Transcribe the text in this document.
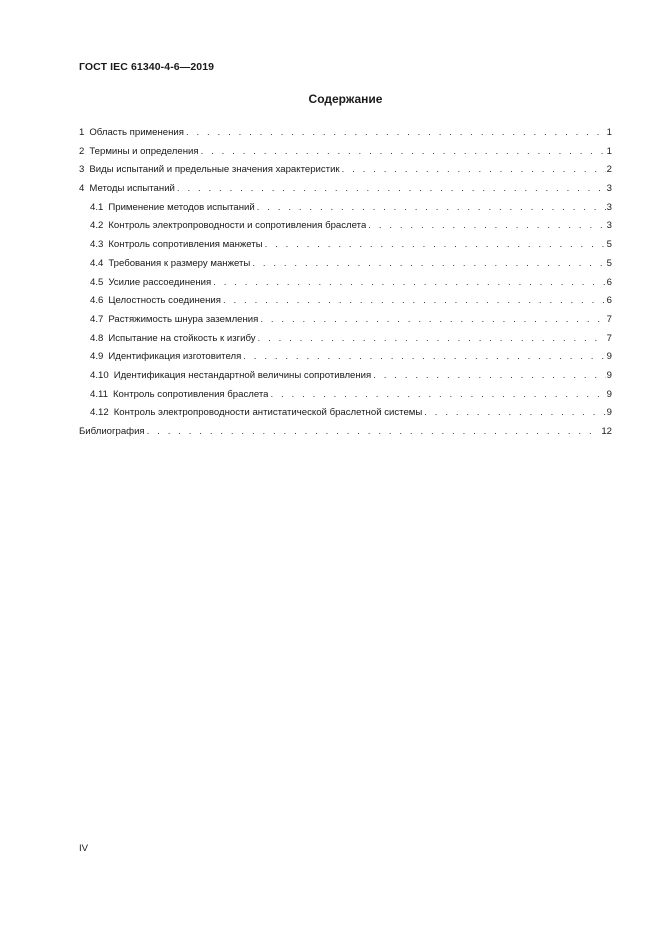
ГОСТ IEC 61340-4-6—2019
Содержание
1 Область применения . . .	1
2 Термины и определения . . .	1
3 Виды испытаний и предельные значения характеристик . . .	2
4 Методы испытаний . . .	3
4.1 Применение методов испытаний . . .	3
4.2 Контроль электропроводности и сопротивления браслета . . .	3
4.3 Контроль сопротивления манжеты . . .	5
4.4 Требования к размеру манжеты . . .	5
4.5 Усилие рассоединения . . .	6
4.6 Целостность соединения . . .	6
4.7 Растяжимость шнура заземления . . .	7
4.8 Испытание на стойкость к изгибу . . .	7
4.9 Идентификация изготовителя . . .	9
4.10 Идентификация нестандартной величины сопротивления . . .	9
4.11 Контроль сопротивления браслета . . .	9
4.12 Контроль электропроводности антистатической браслетной системы . . .	9
Библиография . . .	12
IV
